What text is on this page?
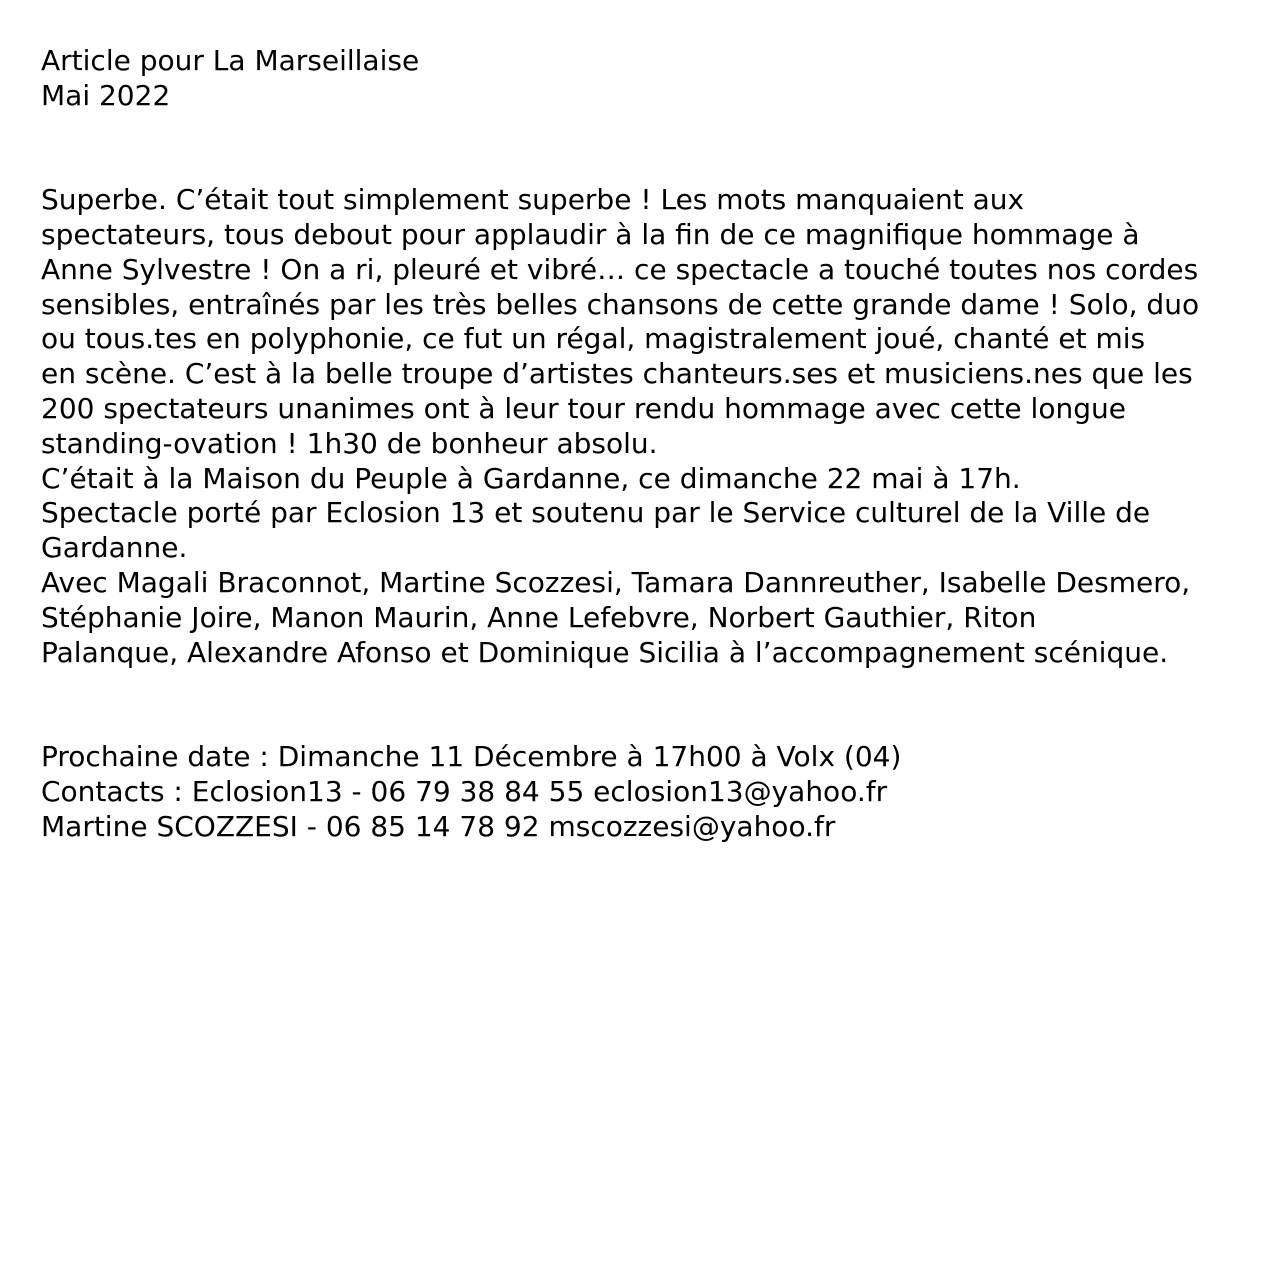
Article pour La Marseillaise
Mai 2022
Superbe. C’était tout simplement superbe ! Les mots manquaient aux
spectateurs, tous debout pour applaudir à la fin de ce magnifique hommage à
Anne Sylvestre ! On a ri, pleuré et vibré… ce spectacle a touché toutes nos cordes
sensibles, entraînés par les très belles chansons de cette grande dame ! Solo, duo
ou tous.tes en polyphonie, ce fut un régal, magistralement joué, chanté et mis
en scène. C’est à la belle troupe d’artistes chanteurs.ses et musiciens.nes que les
200 spectateurs unanimes ont à leur tour rendu hommage avec cette longue
standing-ovation ! 1h30 de bonheur absolu.
C’était à la Maison du Peuple à Gardanne, ce dimanche 22 mai à 17h.
Spectacle porté par Eclosion 13 et soutenu par le Service culturel de la Ville de
Gardanne.
Avec Magali Braconnot, Martine Scozzesi, Tamara Dannreuther, Isabelle Desmero,
Stéphanie Joire, Manon Maurin, Anne Lefebvre, Norbert Gauthier, Riton
Palanque, Alexandre Afonso et Dominique Sicilia à l’accompagnement scénique.
Prochaine date : Dimanche 11 Décembre à 17h00 à Volx (04)
Contacts : Eclosion13 - 06 79 38 84 55 eclosion13@yahoo.fr
Martine SCOZZESI - 06 85 14 78 92 mscozzesi@yahoo.fr
